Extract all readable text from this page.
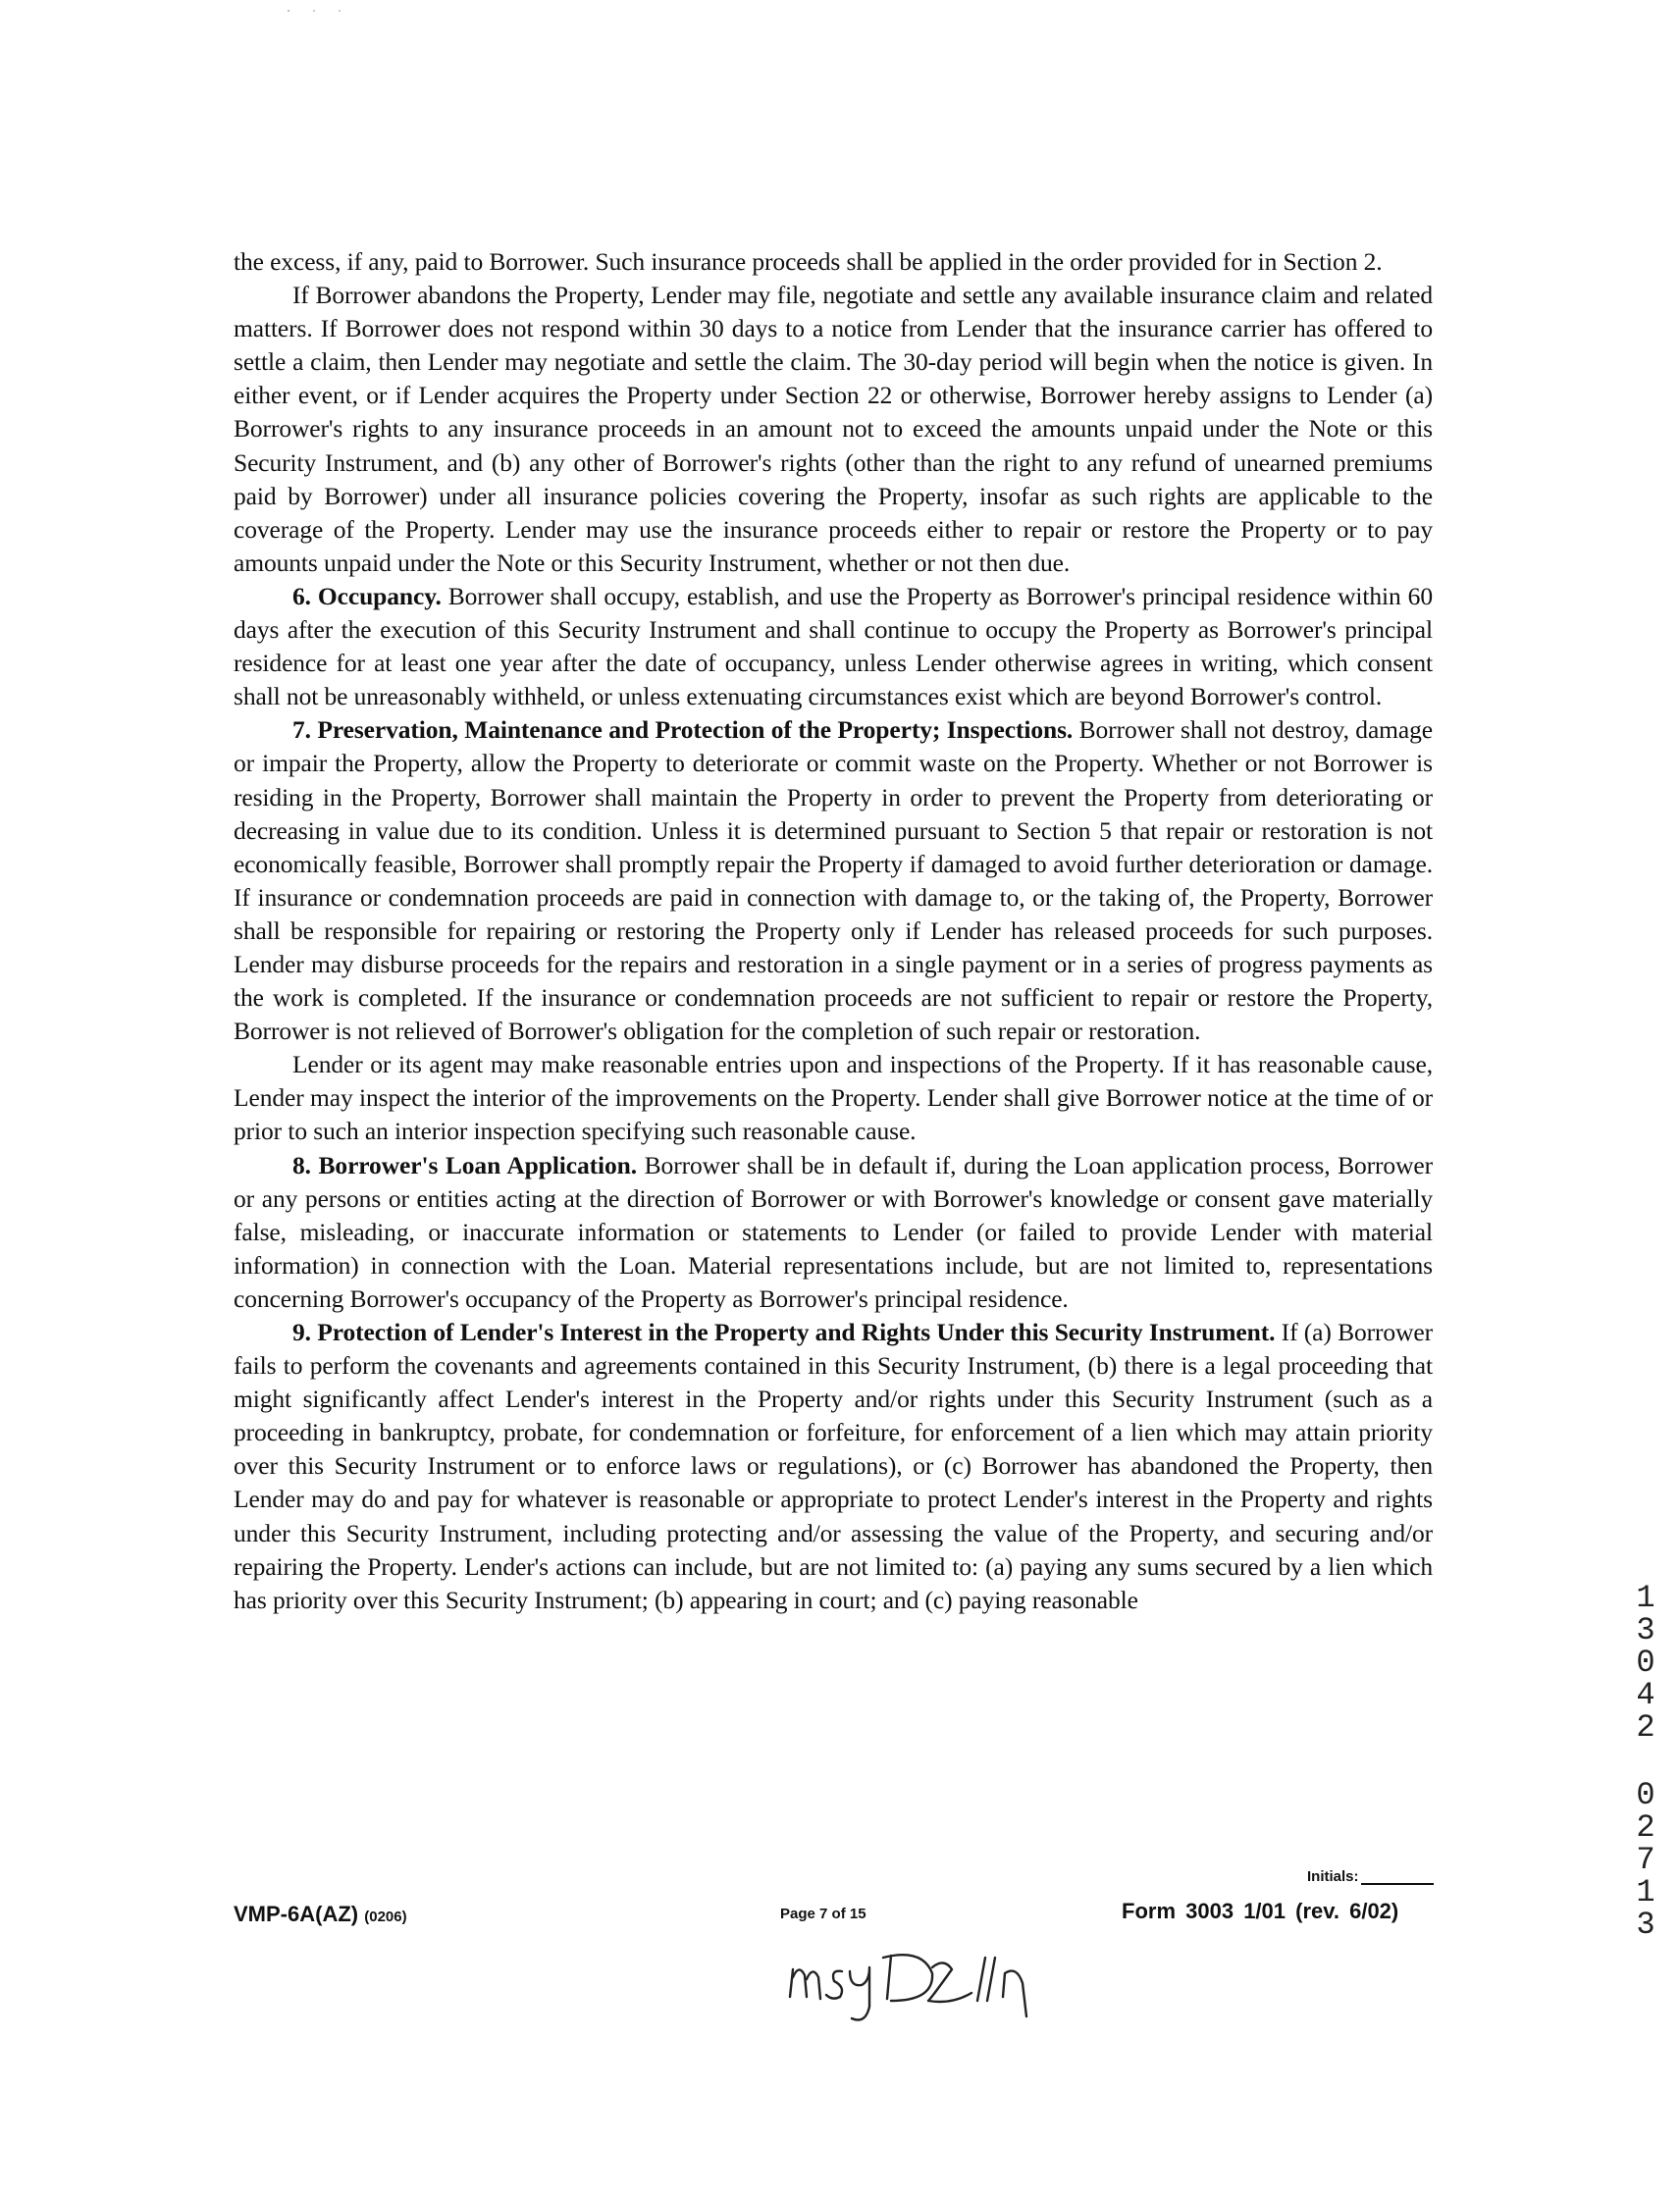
the excess, if any, paid to Borrower. Such insurance proceeds shall be applied in the order provided for in Section 2.

If Borrower abandons the Property, Lender may file, negotiate and settle any available insurance claim and related matters. If Borrower does not respond within 30 days to a notice from Lender that the insurance carrier has offered to settle a claim, then Lender may negotiate and settle the claim. The 30-day period will begin when the notice is given. In either event, or if Lender acquires the Property under Section 22 or otherwise, Borrower hereby assigns to Lender (a) Borrower's rights to any insurance proceeds in an amount not to exceed the amounts unpaid under the Note or this Security Instrument, and (b) any other of Borrower's rights (other than the right to any refund of unearned premiums paid by Borrower) under all insurance policies covering the Property, insofar as such rights are applicable to the coverage of the Property. Lender may use the insurance proceeds either to repair or restore the Property or to pay amounts unpaid under the Note or this Security Instrument, whether or not then due.

6. Occupancy. Borrower shall occupy, establish, and use the Property as Borrower's principal residence within 60 days after the execution of this Security Instrument and shall continue to occupy the Property as Borrower's principal residence for at least one year after the date of occupancy, unless Lender otherwise agrees in writing, which consent shall not be unreasonably withheld, or unless extenuating circumstances exist which are beyond Borrower's control.

7. Preservation, Maintenance and Protection of the Property; Inspections. Borrower shall not destroy, damage or impair the Property, allow the Property to deteriorate or commit waste on the Property. Whether or not Borrower is residing in the Property, Borrower shall maintain the Property in order to prevent the Property from deteriorating or decreasing in value due to its condition. Unless it is determined pursuant to Section 5 that repair or restoration is not economically feasible, Borrower shall promptly repair the Property if damaged to avoid further deterioration or damage. If insurance or condemnation proceeds are paid in connection with damage to, or the taking of, the Property, Borrower shall be responsible for repairing or restoring the Property only if Lender has released proceeds for such purposes. Lender may disburse proceeds for the repairs and restoration in a single payment or in a series of progress payments as the work is completed. If the insurance or condemnation proceeds are not sufficient to repair or restore the Property, Borrower is not relieved of Borrower's obligation for the completion of such repair or restoration.

Lender or its agent may make reasonable entries upon and inspections of the Property. If it has reasonable cause, Lender may inspect the interior of the improvements on the Property. Lender shall give Borrower notice at the time of or prior to such an interior inspection specifying such reasonable cause.

8. Borrower's Loan Application. Borrower shall be in default if, during the Loan application process, Borrower or any persons or entities acting at the direction of Borrower or with Borrower's knowledge or consent gave materially false, misleading, or inaccurate information or statements to Lender (or failed to provide Lender with material information) in connection with the Loan. Material representations include, but are not limited to, representations concerning Borrower's occupancy of the Property as Borrower's principal residence.

9. Protection of Lender's Interest in the Property and Rights Under this Security Instrument. If (a) Borrower fails to perform the covenants and agreements contained in this Security Instrument, (b) there is a legal proceeding that might significantly affect Lender's interest in the Property and/or rights under this Security Instrument (such as a proceeding in bankruptcy, probate, for condemnation or forfeiture, for enforcement of a lien which may attain priority over this Security Instrument or to enforce laws or regulations), or (c) Borrower has abandoned the Property, then Lender may do and pay for whatever is reasonable or appropriate to protect Lender's interest in the Property and rights under this Security Instrument, including protecting and/or assessing the value of the Property, and securing and/or repairing the Property. Lender's actions can include, but are not limited to: (a) paying any sums secured by a lien which has priority over this Security Instrument; (b) appearing in court; and (c) paying reasonable	1
3
0
4
2
0
2
7
1
3
VMP-6A(AZ) (0206)	Page 7 of 15
Initials:
Form 3003 1/01 (rev. 6/02)
